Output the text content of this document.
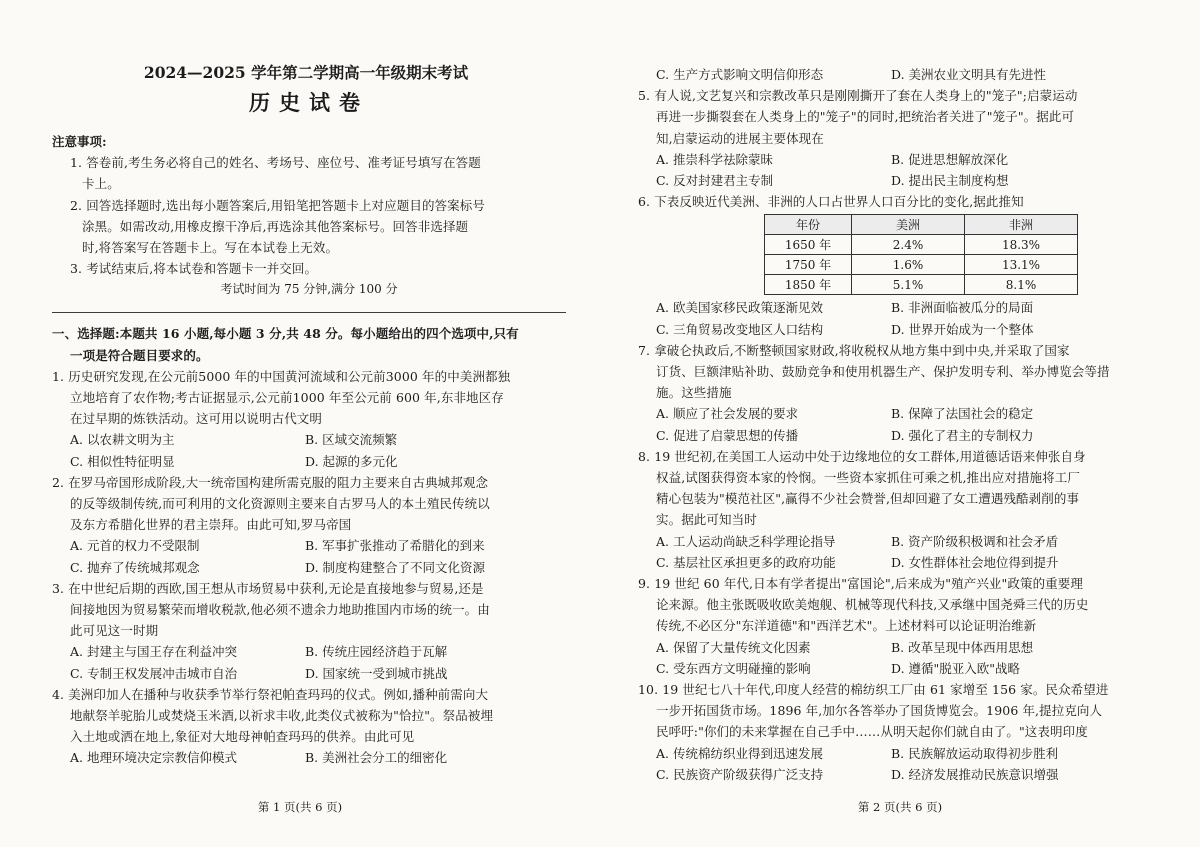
2024—2025 学年第二学期高一年级期末考试
历史试卷
注意事项:
1. 答卷前,考生务必将自己的姓名、考场号、座位号、准考证号填写在答题
卡上。
2. 回答选择题时,选出每小题答案后,用铅笔把答题卡上对应题目的答案标号
涂黑。如需改动,用橡皮擦干净后,再选涂其他答案标号。回答非选择题
时,将答案写在答题卡上。写在本试卷上无效。
3. 考试结束后,将本试卷和答题卡一并交回。
考试时间为 75 分钟,满分 100 分
一、选择题:本题共 16 小题,每小题 3 分,共 48 分。每小题给出的四个选项中,只有
一项是符合题目要求的。
1. 历史研究发现,在公元前5000 年的中国黄河流域和公元前3000 年的中美洲都独
立地培育了农作物;考古证据显示,公元前1000 年至公元前 600 年,东非地区存
在过早期的炼铁活动。这可用以说明古代文明
A. 以农耕文明为主	B. 区域交流频繁
C. 相似性特征明显	D. 起源的多元化
2. 在罗马帝国形成阶段,大一统帝国构建所需克服的阻力主要来自古典城邦观念
的反等级制传统,而可利用的文化资源则主要来自古罗马人的本土殖民传统以
及东方希腊化世界的君主崇拜。由此可知,罗马帝国
A. 元首的权力不受限制	B. 军事扩张推动了希腊化的到来
C. 抛弃了传统城邦观念	D. 制度构建整合了不同文化资源
3. 在中世纪后期的西欧,国王想从市场贸易中获利,无论是直接地参与贸易,还是
间接地因为贸易繁荣而增收税款,他必须不遗余力地助推国内市场的统一。由
此可见这一时期
A. 封建主与国王存在利益冲突	B. 传统庄园经济趋于瓦解
C. 专制王权发展冲击城市自治	D. 国家统一受到城市挑战
4. 美洲印加人在播种与收获季节举行祭祀帕查玛玛的仪式。例如,播种前需向大
地献祭羊驼胎儿或焚烧玉米酒,以祈求丰收,此类仪式被称为"恰拉"。祭品被埋
入土地或洒在地上,象征对大地母神帕查玛玛的供养。由此可见
A. 地理环境决定宗教信仰模式	B. 美洲社会分工的细密化
第 1 页(共 6 页)
C. 生产方式影响文明信仰形态	D. 美洲农业文明具有先进性
5. 有人说,文艺复兴和宗教改革只是刚刚撕开了套在人类身上的"笼子";启蒙运动
再进一步撕裂套在人类身上的"笼子"的同时,把统治者关进了"笼子"。据此可
知,启蒙运动的进展主要体现在
A. 推崇科学祛除蒙昧	B. 促进思想解放深化
C. 反对封建君主专制	D. 提出民主制度构想
6. 下表反映近代美洲、非洲的人口占世界人口百分比的变化,据此推知
年份	美洲	非洲
1650 年	2.4%	18.3%
1750 年	1.6%	13.1%
1850 年	5.1%	8.1%
A. 欧美国家移民政策逐渐见效	B. 非洲面临被瓜分的局面
C. 三角贸易改变地区人口结构	D. 世界开始成为一个整体
7. 拿破仑执政后,不断整顿国家财政,将收税权从地方集中到中央,并采取了国家
订货、巨额津贴补助、鼓励竞争和使用机器生产、保护发明专利、举办博览会等措
施。这些措施
A. 顺应了社会发展的要求	B. 保障了法国社会的稳定
C. 促进了启蒙思想的传播	D. 强化了君主的专制权力
8. 19 世纪初,在美国工人运动中处于边缘地位的女工群体,用道德话语来伸张自身
权益,试图获得资本家的怜悯。一些资本家抓住可乘之机,推出应对措施将工厂
精心包装为"模范社区",赢得不少社会赞誉,但却回避了女工遭遇残酷剥削的事
实。据此可知当时
A. 工人运动尚缺乏科学理论指导	B. 资产阶级积极调和社会矛盾
C. 基层社区承担更多的政府功能	D. 女性群体社会地位得到提升
9. 19 世纪 60 年代,日本有学者提出"富国论",后来成为"殖产兴业"政策的重要理
论来源。他主张既吸收欧美炮舰、机械等现代科技,又承继中国尧舜三代的历史
传统,不必区分"东洋道德"和"西洋艺术"。上述材料可以论证明治维新
A. 保留了大量传统文化因素	B. 改革呈现中体西用思想
C. 受东西方文明碰撞的影响	D. 遵循"脱亚入欧"战略
10. 19 世纪七八十年代,印度人经营的棉纺织工厂由 61 家增至 156 家。民众希望进
一步开拓国货市场。1896 年,加尔各答举办了国货博览会。1906 年,提拉克向人
民呼吁:"你们的未来掌握在自己手中……从明天起你们就自由了。"这表明印度
A. 传统棉纺织业得到迅速发展	B. 民族解放运动取得初步胜利
C. 民族资产阶级获得广泛支持	D. 经济发展推动民族意识增强
第 2 页(共 6 页)
